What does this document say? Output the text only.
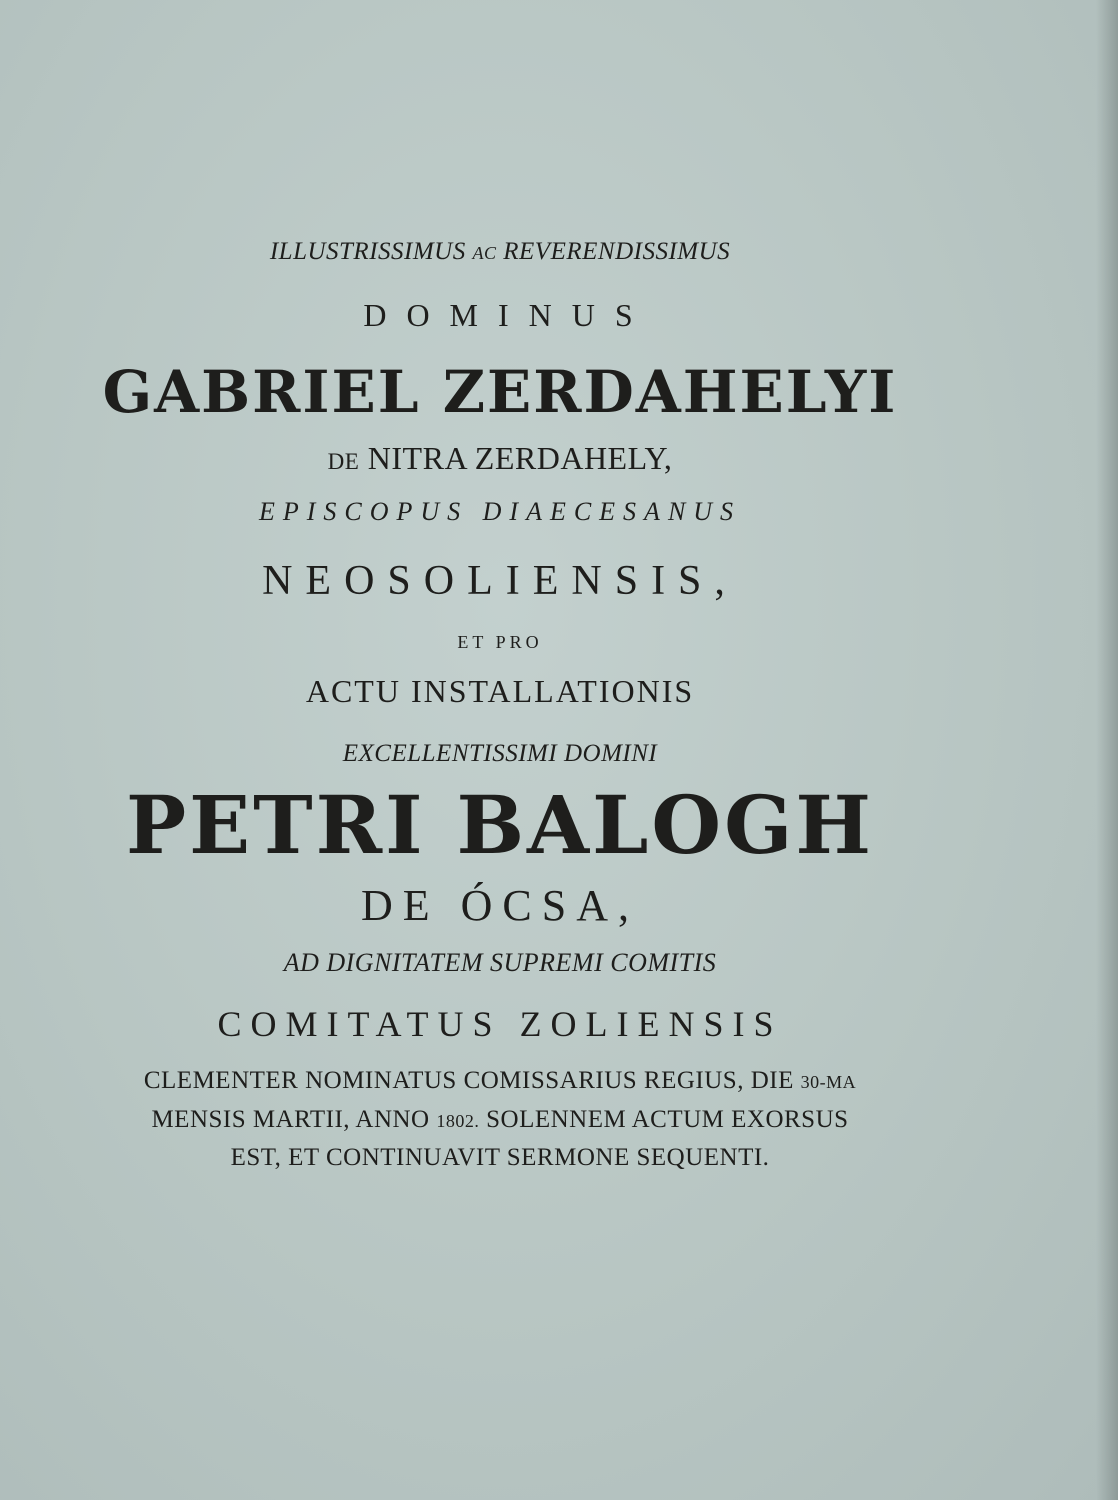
ILLUSTRISSIMUS AC REVERENDISSIMUS

DOMINUS

GABRIEL ZERDAHELYI

DE NITRA ZERDAHELY,

EPISCOPUS DIAECESANUS

NEOSOLIENSIS,

ET PRO

ACTU INSTALLATIONIS

EXCELLENTISSIMI DOMINI

PETRI BALOGH

DE ÓCSA,

AD DIGNITATEM SUPREMI COMITIS

COMITATUS ZOLIENSIS

CLEMENTER NOMINATUS COMISSARIUS REGIUS, DIE 30-MA

MENSIS MARTII, ANNO 1802. SOLENNEM ACTUM EXORSUS

EST, ET CONTINUAVIT SERMONE SEQUENTI.
